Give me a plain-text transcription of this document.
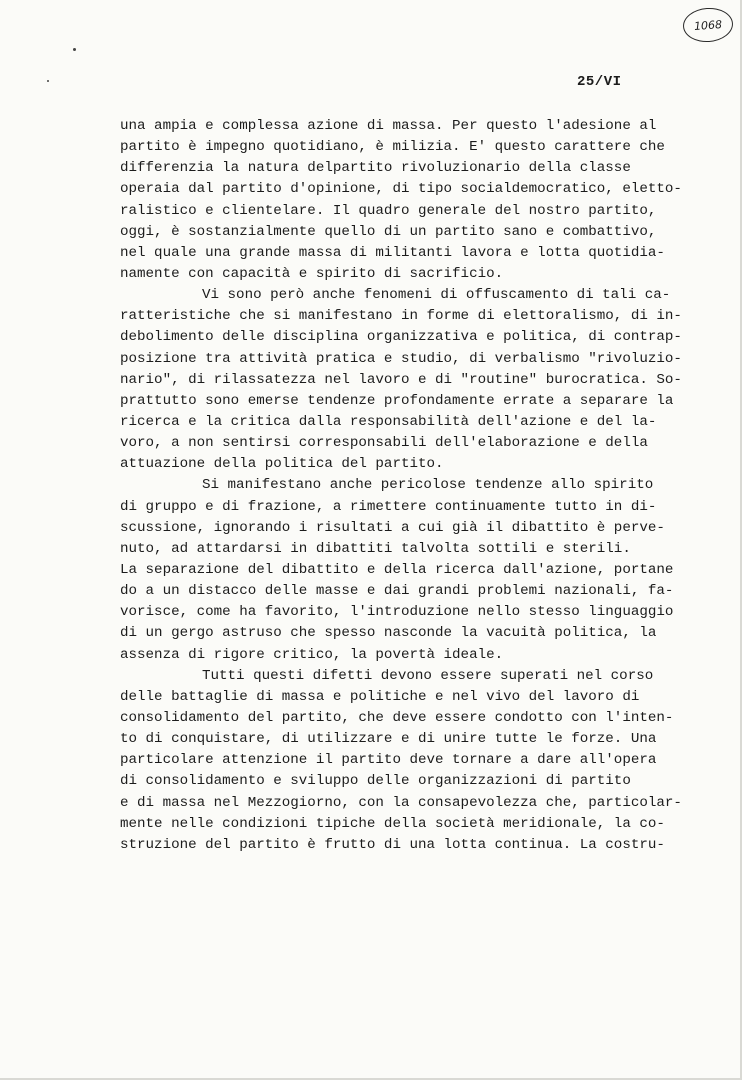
1068
25/VI
una ampia e complessa azione di massa. Per questo l'adesione al
partito è impegno quotidiano, è milizia. E' questo carattere che
differenzia la natura delpartito rivoluzionario della classe
operaia dal partito d'opinione, di tipo socialdemocratico, eletto-
ralistico e clientelare. Il quadro generale del nostro partito,
oggi, è sostanzialmente quello di un partito sano e combattivo,
nel quale una grande massa di militanti lavora e lotta quotidia-
namente con capacità e spirito di sacrificio.
Vi sono però anche fenomeni di offuscamento di tali ca-
ratteristiche che si manifestano in forme di elettoralismo, di in-
debolimento delle disciplina organizzativa e politica, di contrap-
posizione tra attività pratica e studio, di verbalismo "rivoluzio-
nario", di rilassatezza nel lavoro e di "routine" burocratica. So-
prattutto sono emerse tendenze profondamente errate a separare la
ricerca e la critica dalla responsabilità dell'azione e del la-
voro, a non sentirsi corresponsabili dell'elaborazione e della
attuazione della politica del partito.
Si manifestano anche pericolose tendenze allo spirito
di gruppo e di frazione, a rimettere continuamente tutto in di-
scussione, ignorando i risultati a cui già il dibattito è perve-
nuto, ad attardarsi in dibattiti talvolta sottili e sterili.
La separazione del dibattito e della ricerca dall'azione, portane
do a un distacco delle masse e dai grandi problemi nazionali, fa-
vorisce, come ha favorito, l'introduzione nello stesso linguaggio
di un gergo astruso che spesso nasconde la vacuità politica, la
assenza di rigore critico, la povertà ideale.
Tutti questi difetti devono essere superati nel corso
delle battaglie di massa e politiche e nel vivo del lavoro di
consolidamento del partito, che deve essere condotto con l'inten-
to di conquistare, di utilizzare e di unire tutte le forze. Una
particolare attenzione il partito deve tornare a dare all'opera
di consolidamento e sviluppo delle organizzazioni di partito
e di massa nel Mezzogiorno, con la consapevolezza che, particolar-
mente nelle condizioni tipiche della società meridionale, la co-
struzione del partito è frutto di una lotta continua. La costru-
